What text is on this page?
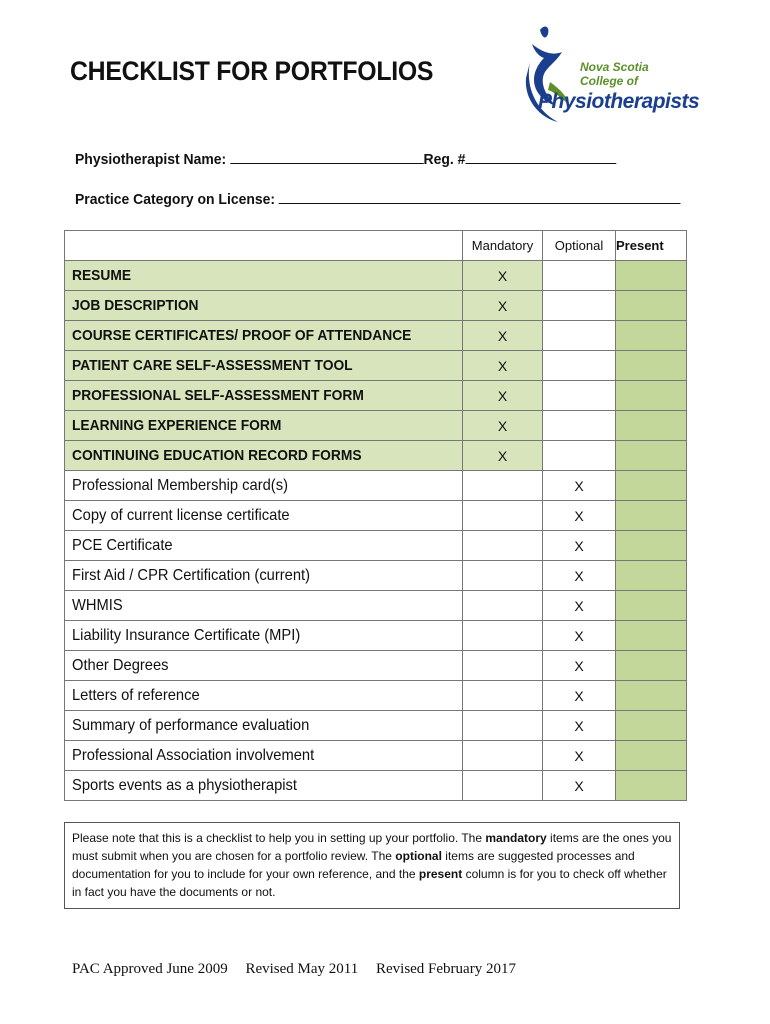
CHECKLIST FOR PORTFOLIOS	Nova Scotia
College of
Physiotherapists
Physiotherapist Name:	Reg. #
Practice Category on License:
	Mandatory	Optional	Present
RESUME	X		
JOB DESCRIPTION	X		
COURSE CERTIFICATES/ PROOF OF ATTENDANCE	X		
PATIENT CARE SELF-ASSESSMENT TOOL	X		
PROFESSIONAL SELF-ASSESSMENT FORM	X		
LEARNING EXPERIENCE FORM	X		
CONTINUING EDUCATION RECORD FORMS	X		
Professional Membership card(s)		X	
Copy of current license certificate		X	
PCE Certificate		X	
First Aid / CPR Certification (current)		X	
WHMIS		X	
Liability Insurance Certificate (MPI)		X	
Other Degrees		X	
Letters of reference		X	
Summary of performance evaluation		X	
Professional Association involvement		X	
Sports events as a physiotherapist		X	
Please note that this is a checklist to help you in setting up your portfolio. The mandatory items are the ones you must submit when you are chosen for a portfolio review. The optional items are suggested processes and documentation for you to include for your own reference, and the present column is for you to check off whether in fact you have the documents or not.
PAC Approved June 2009 Revised May 2011 Revised February 2017
